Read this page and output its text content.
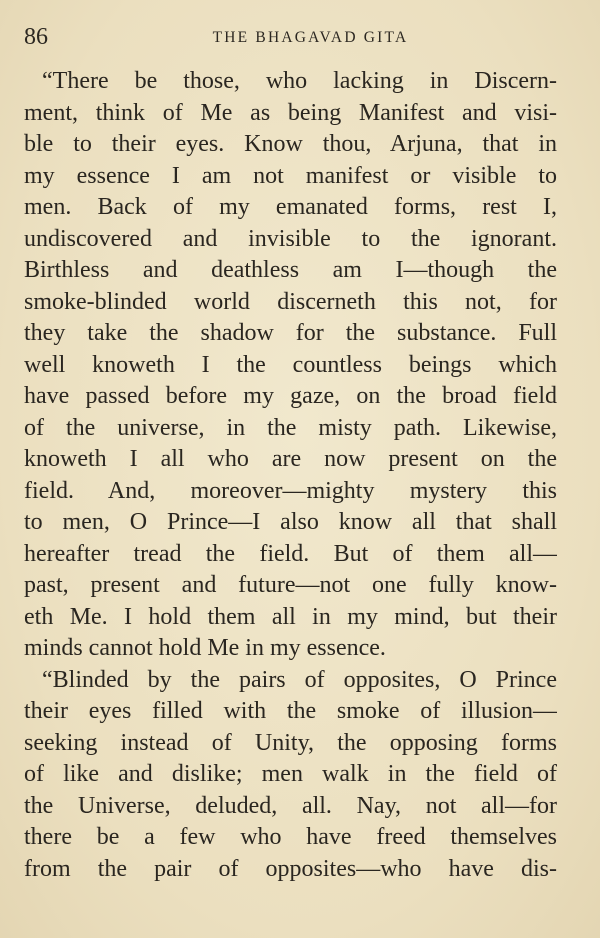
86	THE BHAGAVAD GITA
“There be those, who lacking in Discern-
ment, think of Me as being Manifest and visi-
ble to their eyes. Know thou, Arjuna, that in
my essence I am not manifest or visible to
men. Back of my emanated forms, rest I,
undiscovered and invisible to the ignorant.
Birthless and deathless am I—though the
smoke-blinded world discerneth this not, for
they take the shadow for the substance. Full
well knoweth I the countless beings which
have passed before my gaze, on the broad field
of the universe, in the misty path. Likewise,
knoweth I all who are now present on the
field. And, moreover—mighty mystery this
to men, O Prince—I also know all that shall
hereafter tread the field. But of them all—
past, present and future—not one fully know-
eth Me. I hold them all in my mind, but their
minds cannot hold Me in my essence.
“Blinded by the pairs of opposites, O Prince
their eyes filled with the smoke of illusion—
seeking instead of Unity, the opposing forms
of like and dislike; men walk in the field of
the Universe, deluded, all. Nay, not all—for
there be a few who have freed themselves
from the pair of opposites—who have dis-
